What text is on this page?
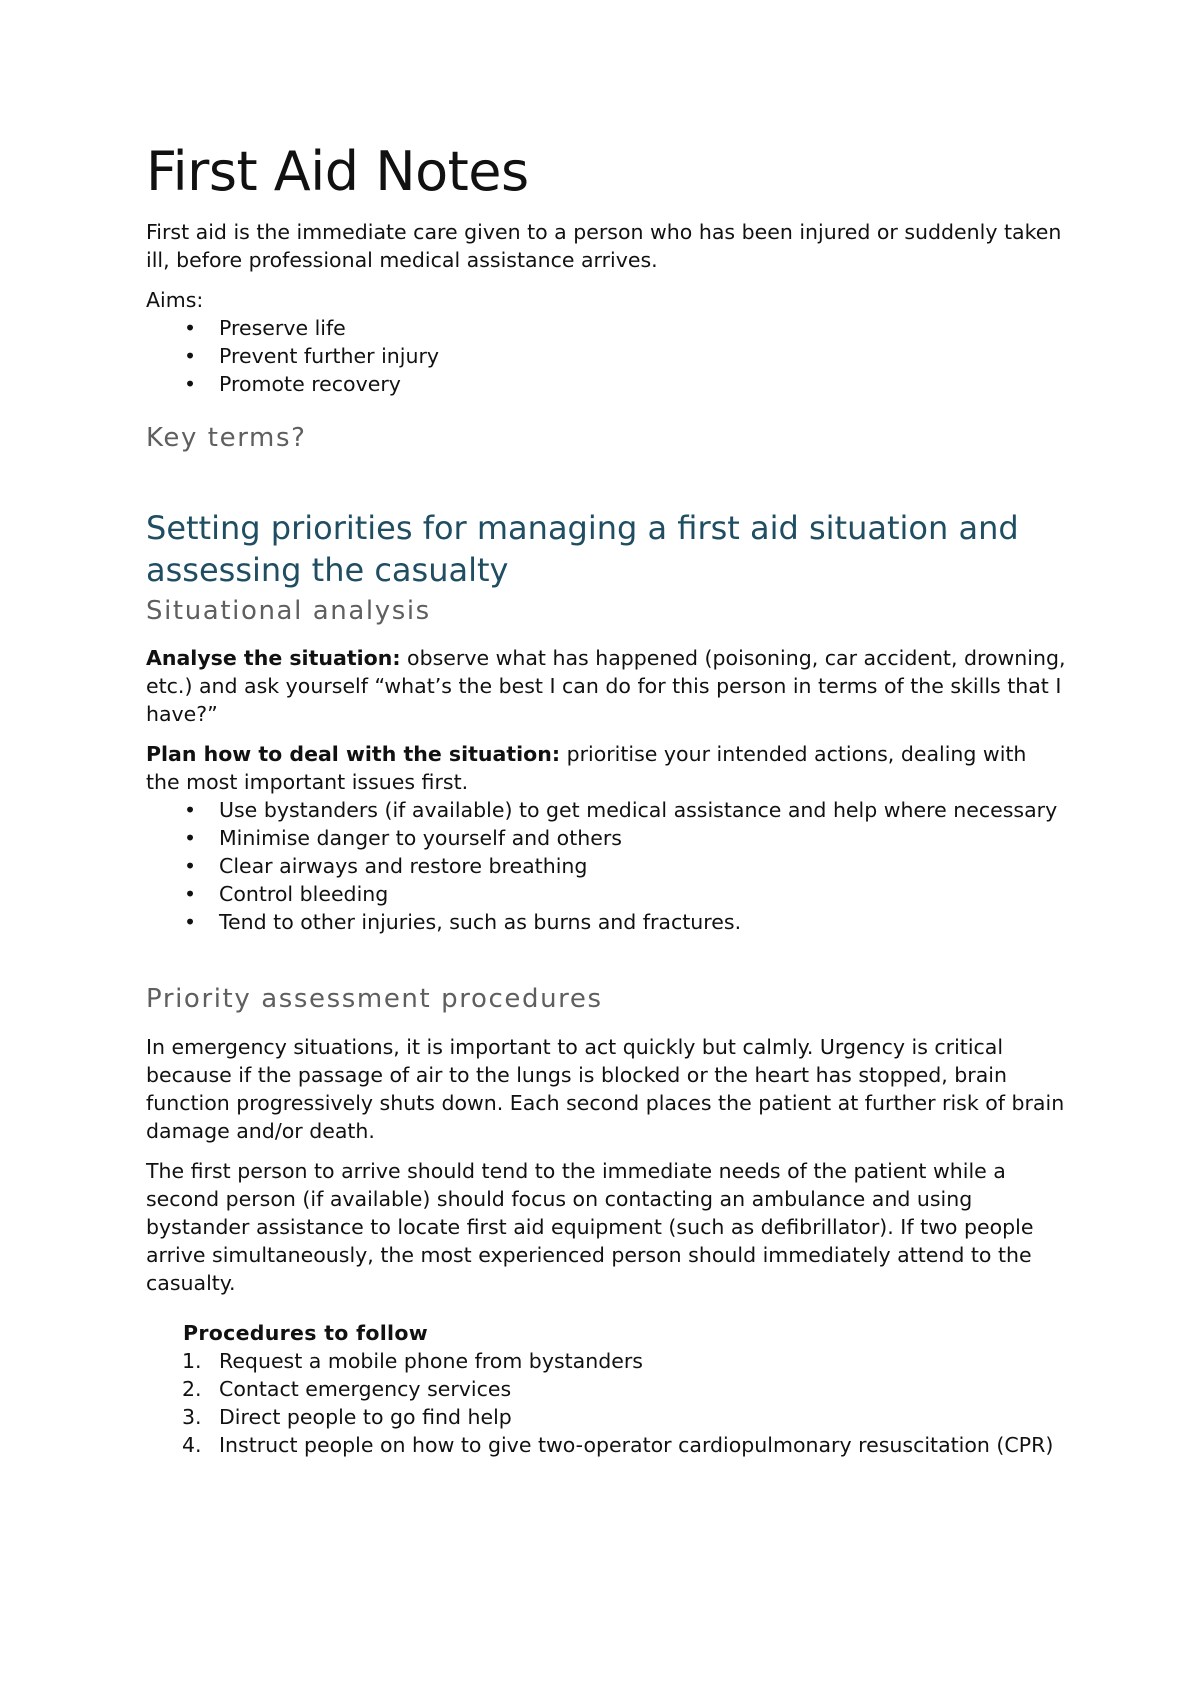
First Aid Notes

First aid is the immediate care given to a person who has been injured or suddenly taken ill, before professional medical assistance arrives.

Aims:

• Preserve life
• Prevent further injury
• Promote recovery
Key terms?
Setting priorities for managing a first aid situation and assessing the casualty
Situational analysis

Analyse the situation: observe what has happened (poisoning, car accident, drowning, etc.) and ask yourself “what’s the best I can do for this person in terms of the skills that I have?”

Plan how to deal with the situation: prioritise your intended actions, dealing with the most important issues first.

• Use bystanders (if available) to get medical assistance and help where necessary
• Minimise danger to yourself and others
• Clear airways and restore breathing
• Control bleeding
• Tend to other injuries, such as burns and fractures.
Priority assessment procedures

In emergency situations, it is important to act quickly but calmly. Urgency is critical because if the passage of air to the lungs is blocked or the heart has stopped, brain function progressively shuts down. Each second places the patient at further risk of brain damage and/or death.

The first person to arrive should tend to the immediate needs of the patient while a second person (if available) should focus on contacting an ambulance and using bystander assistance to locate first aid equipment (such as defibrillator). If two people arrive simultaneously, the most experienced person should immediately attend to the casualty.

Procedures to follow

1. Request a mobile phone from bystanders
2. Contact emergency services
3. Direct people to go find help
4. Instruct people on how to give two-operator cardiopulmonary resuscitation (CPR)
